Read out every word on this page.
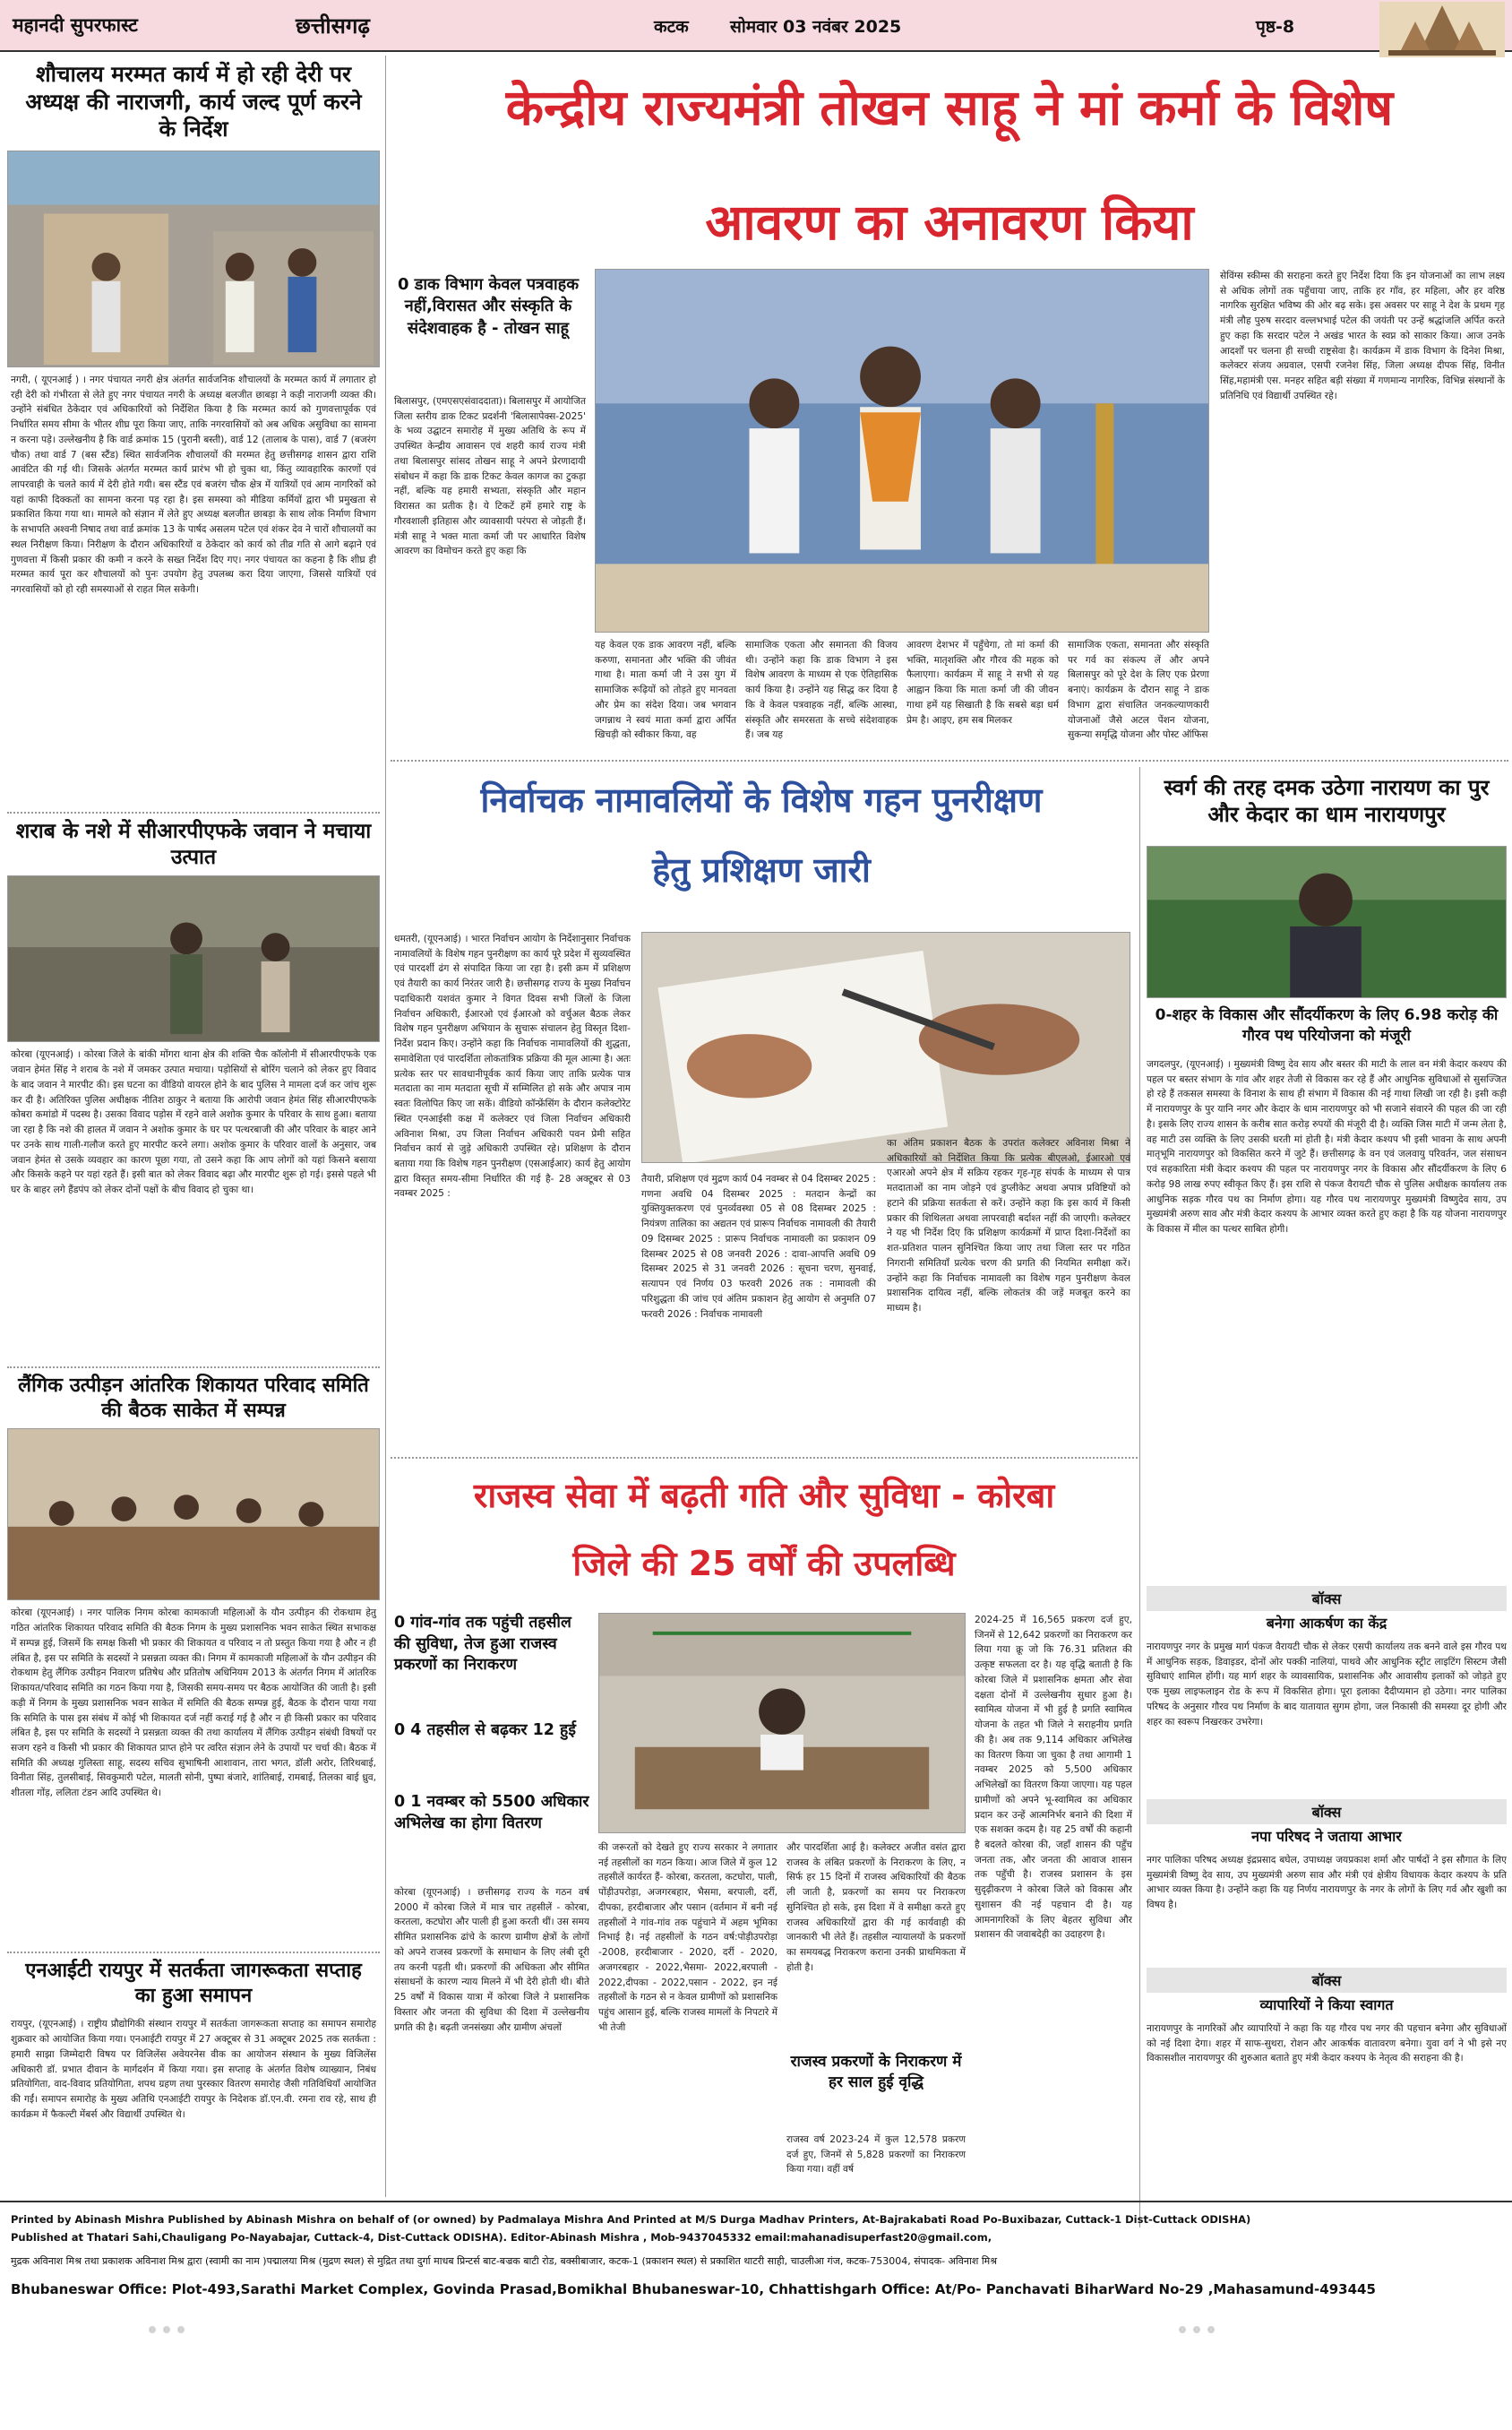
महानदी सुपरफास्ट	छत्तीसगढ़	कटक सोमवार 03 नवंबर 2025	पृष्ठ-8
शौचालय मरम्मत कार्य में हो रही देरी पर अध्यक्ष की नाराजगी, कार्य जल्द पूर्ण करने के निर्देश
नगरी, ( यूएनआई ) । नगर पंचायत नगरी क्षेत्र अंतर्गत सार्वजनिक शौचालयों के मरम्मत कार्य में लगातार हो रही देरी को गंभीरता से लेते हुए नगर पंचायत नगरी के अध्यक्ष बलजीत छाबड़ा ने कड़ी नाराजगी व्यक्त की। उन्होंने संबंधित ठेकेदार एवं अधिकारियों को निर्देशित किया है कि मरम्मत कार्य को गुणवत्तापूर्वक एवं निर्धारित समय सीमा के भीतर शीघ्र पूरा किया जाए, ताकि नगरवासियों को अब अधिक असुविधा का सामना न करना पड़े। उल्लेखनीय है कि वार्ड क्रमांक 15 (पुरानी बस्ती), वार्ड 12 (तालाब के पास), वार्ड 7 (बजरंग चौक) तथा वार्ड 7 (बस स्टैंड) स्थित सार्वजनिक शौचालयों की मरम्मत हेतु छत्तीसगढ़ शासन द्वारा राशि आवंटित की गई थी। जिसके अंतर्गत मरम्मत कार्य प्रारंभ भी हो चुका था, किंतु व्यावहारिक कारणों एवं लापरवाही के चलते कार्य में देरी होते गयी। बस स्टैंड एवं बजरंग चौक क्षेत्र में यात्रियों एवं आम नागरिकों को यहां काफी दिक्कतों का सामना करना पड़ रहा है। इस समस्या को मीडिया कर्मियों द्वारा भी प्रमुखता से प्रकाशित किया गया था। मामले को संज्ञान में लेते हुए अध्यक्ष बलजीत छाबड़ा के साथ लोक निर्माण विभाग के सभापति अश्वनी निषाद तथा वार्ड क्रमांक 13 के पार्षद असलम पटेल एवं शंकर देव ने चारों शौचालयों का स्थल निरीक्षण किया। निरीक्षण के दौरान अधिकारियों व ठेकेदार को कार्य को तीव्र गति से आगे बढ़ाने एवं गुणवत्ता में किसी प्रकार की कमी न करने के सख्त निर्देश दिए गए। नगर पंचायत का कहना है कि शीघ्र ही मरम्मत कार्य पूरा कर शौचालयों को पुनः उपयोग हेतु उपलब्ध करा दिया जाएगा, जिससे यात्रियों एवं नगरवासियों को हो रही समस्याओं से राहत मिल सकेगी।
शराब के नशे में सीआरपीएफके जवान ने मचाया उत्पात
कोरबा (यूएनआई) । कोरबा जिले के बांकी मोंगरा थाना क्षेत्र की शक्ति चैक कॉलोनी में सीआरपीएफके एक जवान हेमंत सिंह ने शराब के नशे में जमकर उत्पात मचाया। पड़ोसियों से बोरिंग चलाने को लेकर हुए विवाद के बाद जवान ने मारपीट की। इस घटना का वीडियो वायरल होने के बाद पुलिस ने मामला दर्ज कर जांच शुरू कर दी है। अतिरिक्त पुलिस अधीक्षक नीतिश ठाकुर ने बताया कि आरोपी जवान हेमंत सिंह सीआरपीएफके कोबरा कमांडो में पदस्थ है। उसका विवाद पड़ोस में रहने वाले अशोक कुमार के परिवार के साथ हुआ। बताया जा रहा है कि नशे की हालत में जवान ने अशोक कुमार के घर पर पत्थरबाजी की और परिवार के बाहर आने पर उनके साथ गाली-गलौज करते हुए मारपीट करने लगा। अशोक कुमार के परिवार वालों के अनुसार, जब जवान हेमंत से उसके व्यवहार का कारण पूछा गया, तो उसने कहा कि आप लोगों को यहां किसने बसाया और किसके कहने पर यहां रहते हैं। इसी बात को लेकर विवाद बढ़ा और मारपीट शुरू हो गई। इससे पहले भी घर के बाहर लगे हैंडपंप को लेकर दोनों पक्षों के बीच विवाद हो चुका था।
लैंगिक उत्पीड़न आंतरिक शिकायत परिवाद समिति की बैठक साकेत में सम्पन्न
कोरबा (यूएनआई) । नगर पालिक निगम कोरबा कामकाजी महिलाओं के यौन उत्पीड़न की रोकथाम हेतु गठित आंतरिक शिकायत परिवाद समिति की बैठक निगम के मुख्य प्रशासनिक भवन साकेत स्थित सभाकक्ष में सम्पन्न हुई, जिसमें कि समक्ष किसी भी प्रकार की शिकायत व परिवाद न तो प्रस्तुत किया गया है और न ही लंबित है, इस पर समिति के सदस्यों ने प्रसन्नता व्यक्त की। निगम में कामकाजी महिलाओं के यौन उत्पीड़न की रोकथाम हेतु लैंगिक उत्पीड़न निवारण प्रतिषेध और प्रतितोष अधिनियम 2013 के अंतर्गत निगम में आंतरिक शिकायत/परिवाद समिति का गठन किया गया है, जिसकी समय-समय पर बैठक आयोजित की जाती है। इसी कड़ी में निगम के मुख्य प्रशासनिक भवन साकेत में समिति की बैठक सम्पन्न हुई, बैठक के दौरान पाया गया कि समिति के पास इस संबंध में कोई भी शिकायत दर्ज नहीं कराई गई है और न ही किसी प्रकार का परिवाद लंबित है, इस पर समिति के सदस्यों ने प्रसन्नता व्यक्त की तथा कार्यालय में लैंगिक उत्पीड़न संबंधी विषयों पर सजग रहने व किसी भी प्रकार की शिकायत प्राप्त होने पर त्वरित संज्ञान लेने के उपायों पर चर्चा की। बैठक में समिति की अध्यक्ष गुलिस्ता साहू, सदस्य सचिव सुभाषिनी आशावान, तारा भगत, डॉली अरोर, तिरिथबाई, विनीता सिंह, तुलसीबाई, सिवकुमारी पटेल, मालती सोनी, पुष्पा बंजारे, शांतिबाई, रामबाई, तिलका बाई ध्रुव, शीतला गोंड़, ललिता टंडन आदि उपस्थित थे।
एनआईटी रायपुर में सतर्कता जागरूकता सप्ताह का हुआ समापन
रायपुर, (यूएनआई) । राष्ट्रीय प्रौद्योगिकी संस्थान रायपुर में सतर्कता जागरूकता सप्ताह का समापन समारोह शुक्रवार को आयोजित किया गया। एनआईटी रायपुर में 27 अक्टूबर से 31 अक्टूबर 2025 तक सतर्कता : हमारी साझा जिम्मेदारी विषय पर विजिलेंस अवेयरनेस वीक का आयोजन संस्थान के मुख्य विजिलेंस अधिकारी डॉ. प्रभात दीवान के मार्गदर्शन में किया गया। इस सप्ताह के अंतर्गत विशेष व्याख्यान, निबंध प्रतियोगिता, वाद-विवाद प्रतियोगिता, शपथ ग्रहण तथा पुरस्कार वितरण समारोह जैसी गतिविधियाँ आयोजित की गईं। समापन समारोह के मुख्य अतिथि एनआईटी रायपुर के निदेशक डॉ.एन.वी. रमना राव रहे, साथ ही कार्यक्रम में फैकल्टी मेंबर्स और विद्यार्थी उपस्थित थे।
केन्द्रीय राज्यमंत्री तोखन साहू ने मां कर्मा के विशेष
आवरण का अनावरण किया
0 डाक विभाग केवल पत्रवाहक नहीं,विरासत और संस्कृति के संदेशवाहक है - तोखन साहू
बिलासपुर, (एमएसएसंवाददाता)। बिलासपुर में आयोजित जिला स्तरीय डाक टिकट प्रदर्शनी 'बिलासापेक्स-2025' के भव्य उद्घाटन समारोह में मुख्य अतिथि के रूप में उपस्थित केन्द्रीय आवासन एवं शहरी कार्य राज्य मंत्री तथा बिलासपुर सांसद तोखन साहू ने अपने प्रेरणादायी संबोधन में कहा कि डाक टिकट केवल कागज का टुकड़ा नहीं, बल्कि यह हमारी सभ्यता, संस्कृति और महान विरासत का प्रतीक है। ये टिकटें हमें हमारे राष्ट्र के गौरवशाली इतिहास और व्यावसायी परंपरा से जोड़ती हैं। मंत्री साहू ने भक्त माता कर्मा जी पर आधारित विशेष आवरण का विमोचन करते हुए कहा कि
यह केवल एक डाक आवरण नहीं, बल्कि करुणा, समानता और भक्ति की जीवंत गाथा है। माता कर्मा जी ने उस युग में सामाजिक रूढ़ियों को तोड़ते हुए मानवता और प्रेम का संदेश दिया। जब भगवान जगन्नाथ ने स्वयं माता कर्मा द्वारा अर्पित खिचड़ी को स्वीकार किया, वह
सामाजिक एकता और समानता की विजय थी। उन्होंने कहा कि डाक विभाग ने इस विशेष आवरण के माध्यम से एक ऐतिहासिक कार्य किया है। उन्होंने यह सिद्ध कर दिया है कि वे केवल पत्रवाहक नहीं, बल्कि आस्था, संस्कृति और समरसता के सच्चे संदेशवाहक हैं। जब यह
आवरण देशभर में पहुँचेगा, तो मां कर्मा की भक्ति, मातृशक्ति और गौरव की महक को फैलाएगा। कार्यक्रम में साहू ने सभी से यह आह्वान किया कि माता कर्मा जी की जीवन गाथा हमें यह सिखाती है कि सबसे बड़ा धर्म प्रेम है। आइए, हम सब मिलकर
सामाजिक एकता, समानता और संस्कृति पर गर्व का संकल्प लें और अपने बिलासपुर को पूरे देश के लिए एक प्रेरणा बनाएं। कार्यक्रम के दौरान साहू ने डाक विभाग द्वारा संचालित जनकल्याणकारी योजनाओं जैसे अटल पेंशन योजना, सुकन्या समृद्धि योजना और पोस्ट ऑफिस
सेविंग्स स्कीम्स की सराहना करते हुए निर्देश दिया कि इन योजनाओं का लाभ लक्ष्य से अधिक लोगों तक पहुँचाया जाए, ताकि हर गाँव, हर महिला, और हर वरिष्ठ नागरिक सुरक्षित भविष्य की ओर बढ़ सके। इस अवसर पर साहू ने देश के प्रथम गृह मंत्री लौह पुरुष सरदार वल्लभभाई पटेल की जयंती पर उन्हें श्रद्धांजलि अर्पित करते हुए कहा कि सरदार पटेल ने अखंड भारत के स्वप्न को साकार किया। आज उनके आदर्शों पर चलना ही सच्ची राष्ट्रसेवा है। कार्यक्रम में डाक विभाग के दिनेश मिश्रा, कलेक्टर संजय अग्रवाल, एसपी रजनेश सिंह, जिला अध्यक्ष दीपक सिंह, विनीत सिंह,महामंत्री एस. मनहर सहित बड़ी संख्या में गणमान्य नागरिक, विभिन्न संस्थानों के प्रतिनिधि एवं विद्यार्थी उपस्थित रहे।
निर्वाचक नामावलियों के विशेष गहन पुनरीक्षण
हेतु प्रशिक्षण जारी
धमतरी, (यूएनआई) । भारत निर्वाचन आयोग के निर्देशानुसार निर्वाचक नामावलियों के विशेष गहन पुनरीक्षण का कार्य पूरे प्रदेश में सुव्यवस्थित एवं पारदर्शी ढंग से संपादित किया जा रहा है। इसी क्रम में प्रशिक्षण एवं तैयारी का कार्य निरंतर जारी है। छत्तीसगढ़ राज्य के मुख्य निर्वाचन पदाधिकारी यशवंत कुमार ने विगत दिवस सभी जिलों के जिला निर्वाचन अधिकारी, ईआरओ एवं ईआरओ को वर्चुअल बैठक लेकर विशेष गहन पुनरीक्षण अभियान के सुचारू संचालन हेतु विस्तृत दिशा-निर्देश प्रदान किए। उन्होंने कहा कि निर्वाचक नामावलियों की शुद्धता, समावेशिता एवं पारदर्शिता लोकतांत्रिक प्रक्रिया की मूल आत्मा है। अतः प्रत्येक स्तर पर सावधानीपूर्वक कार्य किया जाए ताकि प्रत्येक पात्र मतदाता का नाम मतदाता सूची में सम्मिलित हो सके और अपात्र नाम स्वतः विलोपित किए जा सकें। वीडियो कॉन्फ्रेंसिंग के दौरान कलेक्टोरेट स्थित एनआईसी कक्ष में कलेक्टर एवं जिला निर्वाचन अधिकारी अविनाश मिश्रा, उप जिला निर्वाचन अधिकारी पवन प्रेमी सहित निर्वाचन कार्य से जुड़े अधिकारी उपस्थित रहे। प्रशिक्षण के दौरान बताया गया कि विशेष गहन पुनरीक्षण (एसआईआर) कार्य हेतु आयोग द्वारा विस्तृत समय-सीमा निर्धारित की गई है- 28 अक्टूबर से 03 नवम्बर 2025 :
तैयारी, प्रशिक्षण एवं मुद्रण कार्य 04 नवम्बर से 04 दिसम्बर 2025 : गणना अवधि 04 दिसम्बर 2025 : मतदान केन्द्रों का युक्तियुक्तकरण एवं पुनर्व्यवस्था 05 से 08 दिसम्बर 2025 : नियंत्रण तालिका का अद्यतन एवं प्रारूप निर्वाचक नामावली की तैयारी 09 दिसम्बर 2025 : प्रारूप निर्वाचक नामावली का प्रकाशन 09 दिसम्बर 2025 से 08 जनवरी 2026 : दावा-आपत्ति अवधि 09 दिसम्बर 2025 से 31 जनवरी 2026 : सूचना चरण, सुनवाई, सत्यापन एवं निर्णय 03 फरवरी 2026 तक : नामावली की परिशुद्धता की जांच एवं अंतिम प्रकाशन हेतु आयोग से अनुमति 07 फरवरी 2026 : निर्वाचक नामावली
का अंतिम प्रकाशन बैठक के उपरांत कलेक्टर अविनाश मिश्रा ने अधिकारियों को निर्देशित किया कि प्रत्येक बीएलओ, ईआरओ एवं एआरओ अपने क्षेत्र में सक्रिय रहकर गृह-गृह संपर्क के माध्यम से पात्र मतदाताओं का नाम जोड़ने एवं डुप्लीकेट अथवा अपात्र प्रविष्टियों को हटाने की प्रक्रिया सतर्कता से करें। उन्होंने कहा कि इस कार्य में किसी प्रकार की शिथिलता अथवा लापरवाही बर्दाश्त नहीं की जाएगी। कलेक्टर ने यह भी निर्देश दिए कि प्रशिक्षण कार्यक्रमों में प्राप्त दिशा-निर्देशों का शत-प्रतिशत पालन सुनिश्चित किया जाए तथा जिला स्तर पर गठित निगरानी समितियाँ प्रत्येक चरण की प्रगति की नियमित समीक्षा करें। उन्होंने कहा कि निर्वाचक नामावली का विशेष गहन पुनरीक्षण केवल प्रशासनिक दायित्व नहीं, बल्कि लोकतंत्र की जड़ें मजबूत करने का माध्यम है।
राजस्व सेवा में बढ़ती गति और सुविधा - कोरबा
जिले की 25 वर्षों की उपलब्धि
0 गांव-गांव तक पहुंची तहसील की सुविधा, तेज हुआ राजस्व प्रकरणों का निराकरण
0 4 तहसील से बढ़कर 12 हुई
0 1 नवम्बर को 5500 अधिकार अभिलेख का होगा वितरण
कोरबा (यूएनआई) । छत्तीसगढ़ राज्य के गठन वर्ष 2000 में कोरबा जिले में मात्र चार तहसीलें - कोरबा, करतला, कटघोरा और पाली ही हुआ करती थीं। उस समय सीमित प्रशासनिक ढांचे के कारण ग्रामीण क्षेत्रों के लोगों को अपने राजस्व प्रकरणों के समाधान के लिए लंबी दूरी तय करनी पड़ती थी। प्रकरणों की अधिकता और सीमित संसाधनों के कारण न्याय मिलने में भी देरी होती थी। बीते 25 वर्षों में विकास यात्रा में कोरबा जिले ने प्रशासनिक विस्तार और जनता की सुविधा की दिशा में उल्लेखनीय प्रगति की है। बढ़ती जनसंख्या और ग्रामीण अंचलों
की जरूरतों को देखते हुए राज्य सरकार ने लगातार नई तहसीलों का गठन किया। आज जिले में कुल 12 तहसीलें कार्यरत हैं- कोरबा, करतला, कटघोरा, पाली, पोंड़ीउपरोड़ा, अजगरबहार, भैसमा, बरपाली, दर्री, दीपका, हरदीबाजार और पसान (वर्तमान में बनी नई तहसीलों ने गांव-गांव तक पहुंचाने में अहम भूमिका निभाई है। नई तहसीलों के गठन वर्ष:पोड़ीउपरोड़ा -2008, हरदीबाजार - 2020, दर्री - 2020, अजगरबहार - 2022,भैसमा- 2022,बरपाली - 2022,दीपका - 2022,पसान - 2022, इन नई तहसीलों के गठन से न केवल ग्रामीणों को प्रशासनिक पहुंच आसान हुई, बल्कि राजस्व मामलों के निपटारे में भी तेजी
और पारदर्शिता आई है। कलेक्टर अजीत वसंत द्वारा राजस्व के लंबित प्रकरणों के निराकरण के लिए, न सिर्फ हर 15 दिनों में राजस्व अधिकारियों की बैठक ली जाती है, प्रकरणों का समय पर निराकरण सुनिश्चित हो सके, इस दिशा में वे समीक्षा करते हुए राजस्व अधिकारियों द्वारा की गई कार्यवाही की जानकारी भी लेते हैं। तहसील न्यायालयों के प्रकरणों का समयबद्ध निराकरण कराना उनकी प्राथमिकता में होती है।
राजस्व प्रकरणों के निराकरण में हर साल हुई वृद्धि
राजस्व वर्ष 2023-24 में कुल 12,578 प्रकरण दर्ज हुए, जिनमें से 5,828 प्रकरणों का निराकरण किया गया। वहीं वर्ष
2024-25 में 16,565 प्रकरण दर्ज हुए, जिनमें से 12,642 प्रकरणों का निराकरण कर लिया गया क्रू जो कि 76.31 प्रतिशत की उत्कृष्ट सफलता दर है। यह वृद्धि बताती है कि कोरबा जिले में प्रशासनिक क्षमता और सेवा दक्षता दोनों में उल्लेखनीय सुधार हुआ है। स्वामित्व योजना में भी हुई है प्रगति स्वामित्व योजना के तहत भी जिले ने सराहनीय प्रगति की है। अब तक 9,114 अधिकार अभिलेख का वितरण किया जा चुका है तथा आगामी 1 नवम्बर 2025 को 5,500 अधिकार अभिलेखों का वितरण किया जाएगा। यह पहल ग्रामीणों को अपने भू-स्वामित्व का अधिकार प्रदान कर उन्हें आत्मनिर्भर बनाने की दिशा में एक सशक्त कदम है। यह 25 वर्षों की कहानी है बदलते कोरबा की, जहाँ शासन की पहुँच जनता तक, और जनता की आवाज शासन तक पहुँची है। राजस्व प्रशासन के इस सुदृढ़ीकरण ने कोरबा जिले को विकास और सुशासन की नई पहचान दी है। यह आमनागरिकों के लिए बेहतर सुविधा और प्रशासन की जवाबदेही का उदाहरण है।
स्वर्ग की तरह दमक उठेगा नारायण का पुर और केदार का धाम नारायणपुर
0-शहर के विकास और सौंदर्यीकरण के लिए 6.98 करोड़ की गौरव पथ परियोजना को मंजूरी
जगदलपुर, (यूएनआई) । मुख्यमंत्री विष्णु देव साय और बस्तर की माटी के लाल वन मंत्री केदार कश्यप की पहल पर बस्तर संभाग के गांव और शहर तेजी से विकास कर रहे हैं और आधुनिक सुविधाओं से सुसज्जित हो रहे हैं तकसल समस्या के विनाश के साथ ही संभाग में विकास की नई गाथा लिखी जा रही है। इसी कड़ी में नारायणपुर के पुर यानि नगर और केदार के धाम नारायणपुर को भी सजाने संवारने की पहल की जा रही है। इसके लिए राज्य शासन के करीब सात करोड़ रुपयों की मंजूरी दी है। व्यक्ति जिस माटी में जन्म लेता है, वह माटी उस व्यक्ति के लिए उसकी धरती मां होती है। मंत्री केदार कश्यप भी इसी भावना के साथ अपनी मातृभूमि नारायणपुर को विकसित करने में जुटे हैं। छत्तीसगढ़ के वन एवं जलवायु परिवर्तन, जल संसाधन एवं सहकारिता मंत्री केदार कश्यप की पहल पर नारायणपुर नगर के विकास और सौंदर्यीकरण के लिए 6 करोड़ 98 लाख रुपए स्वीकृत किए हैं। इस राशि से पंकज वैरायटी चौक से पुलिस अधीक्षक कार्यालय तक आधुनिक सड़क गौरव पथ का निर्माण होगा। यह गौरव पथ नारायणपुर मुख्यमंत्री विष्णुदेव साय, उप मुख्यमंत्री अरुण साव और मंत्री केदार कश्यप के आभार व्यक्त करते हुए कहा है कि यह योजना नारायणपुर के विकास में मील का पत्थर साबित होगी।
बॉक्स
बनेगा आकर्षण का केंद्र
नारायणपुर नगर के प्रमुख मार्ग पंकज वैरायटी चौक से लेकर एसपी कार्यालय तक बनने वाले इस गौरव पथ में आधुनिक सड़क, डिवाइडर, दोनों ओर पक्की नालियां, पाथवे और आधुनिक स्ट्रीट लाइटिंग सिस्टम जैसी सुविधाएं शामिल होंगी। यह मार्ग शहर के व्यावसायिक, प्रशासनिक और आवासीय इलाकों को जोड़ते हुए एक मुख्य लाइफलाइन रोड के रूप में विकसित होगा। पूरा इलाका दैदीप्यमान हो उठेगा। नगर पालिका परिषद के अनुसार गौरव पथ निर्माण के बाद यातायात सुगम होगा, जल निकासी की समस्या दूर होगी और शहर का स्वरूप निखरकर उभरेगा।
बॉक्स
नपा परिषद ने जताया आभार
नगर पालिका परिषद अध्यक्ष इंद्रप्रसाद बघेल, उपाध्यक्ष जयप्रकाश शर्मा और पार्षदों ने इस सौगात के लिए मुख्यमंत्री विष्णु देव साय, उप मुख्यमंत्री अरुण साव और मंत्री एवं क्षेत्रीय विधायक केदार कश्यप के प्रति आभार व्यक्त किया है। उन्होंने कहा कि यह निर्णय नारायणपुर के नगर के लोगों के लिए गर्व और खुशी का विषय है।
बॉक्स
व्यापारियों ने किया स्वागत
नारायणपुर के नागरिकों और व्यापारियों ने कहा कि यह गौरव पथ नगर की पहचान बनेगा और सुविधाओं को नई दिशा देगा। शहर में साफ-सुथरा, रोशन और आकर्षक वातावरण बनेगा। युवा वर्ग ने भी इसे नए विकासशील नारायणपुर की शुरुआत बताते हुए मंत्री केदार कश्यप के नेतृत्व की सराहना की है।
Printed by Abinash Mishra Published by Abinash Mishra on behalf of (or owned) by Padmalaya Mishra And Printed at M/S Durga Madhav Printers, At-Bajrakabati Road Po-Buxibazar, Cuttack-1 Dist-Cuttack ODISHA)
Published at Thatari Sahi,Chauligang Po-Nayabajar, Cuttack-4, Dist-Cuttack ODISHA). Editor-Abinash Mishra , Mob-9437045332 email:mahanadisuperfast20@gmail.com,
मुद्रक अविनाश मिश्र तथा प्रकाशक अविनाश मिश्र द्वारा (स्वामी का नाम )पद्मालया मिश्र (मुद्रण स्थल) से मुद्रित तथा दुर्गा माधब प्रिन्टर्स बाट-बज्रक बाटी रोड, बक्सीबाजार, कटक-1 (प्रकाशन स्थल) से प्रकाशित थाटरी साही, चाउलीआ गंज, कटक-753004, संपादक- अविनाश मिश्र
Bhubaneswar Office: Plot-493,Sarathi Market Complex, Govinda Prasad,Bomikhal Bhubaneswar-10, Chhattishgarh Office: At/Po- Panchavati BiharWard No-29 ,Mahasamund-493445
